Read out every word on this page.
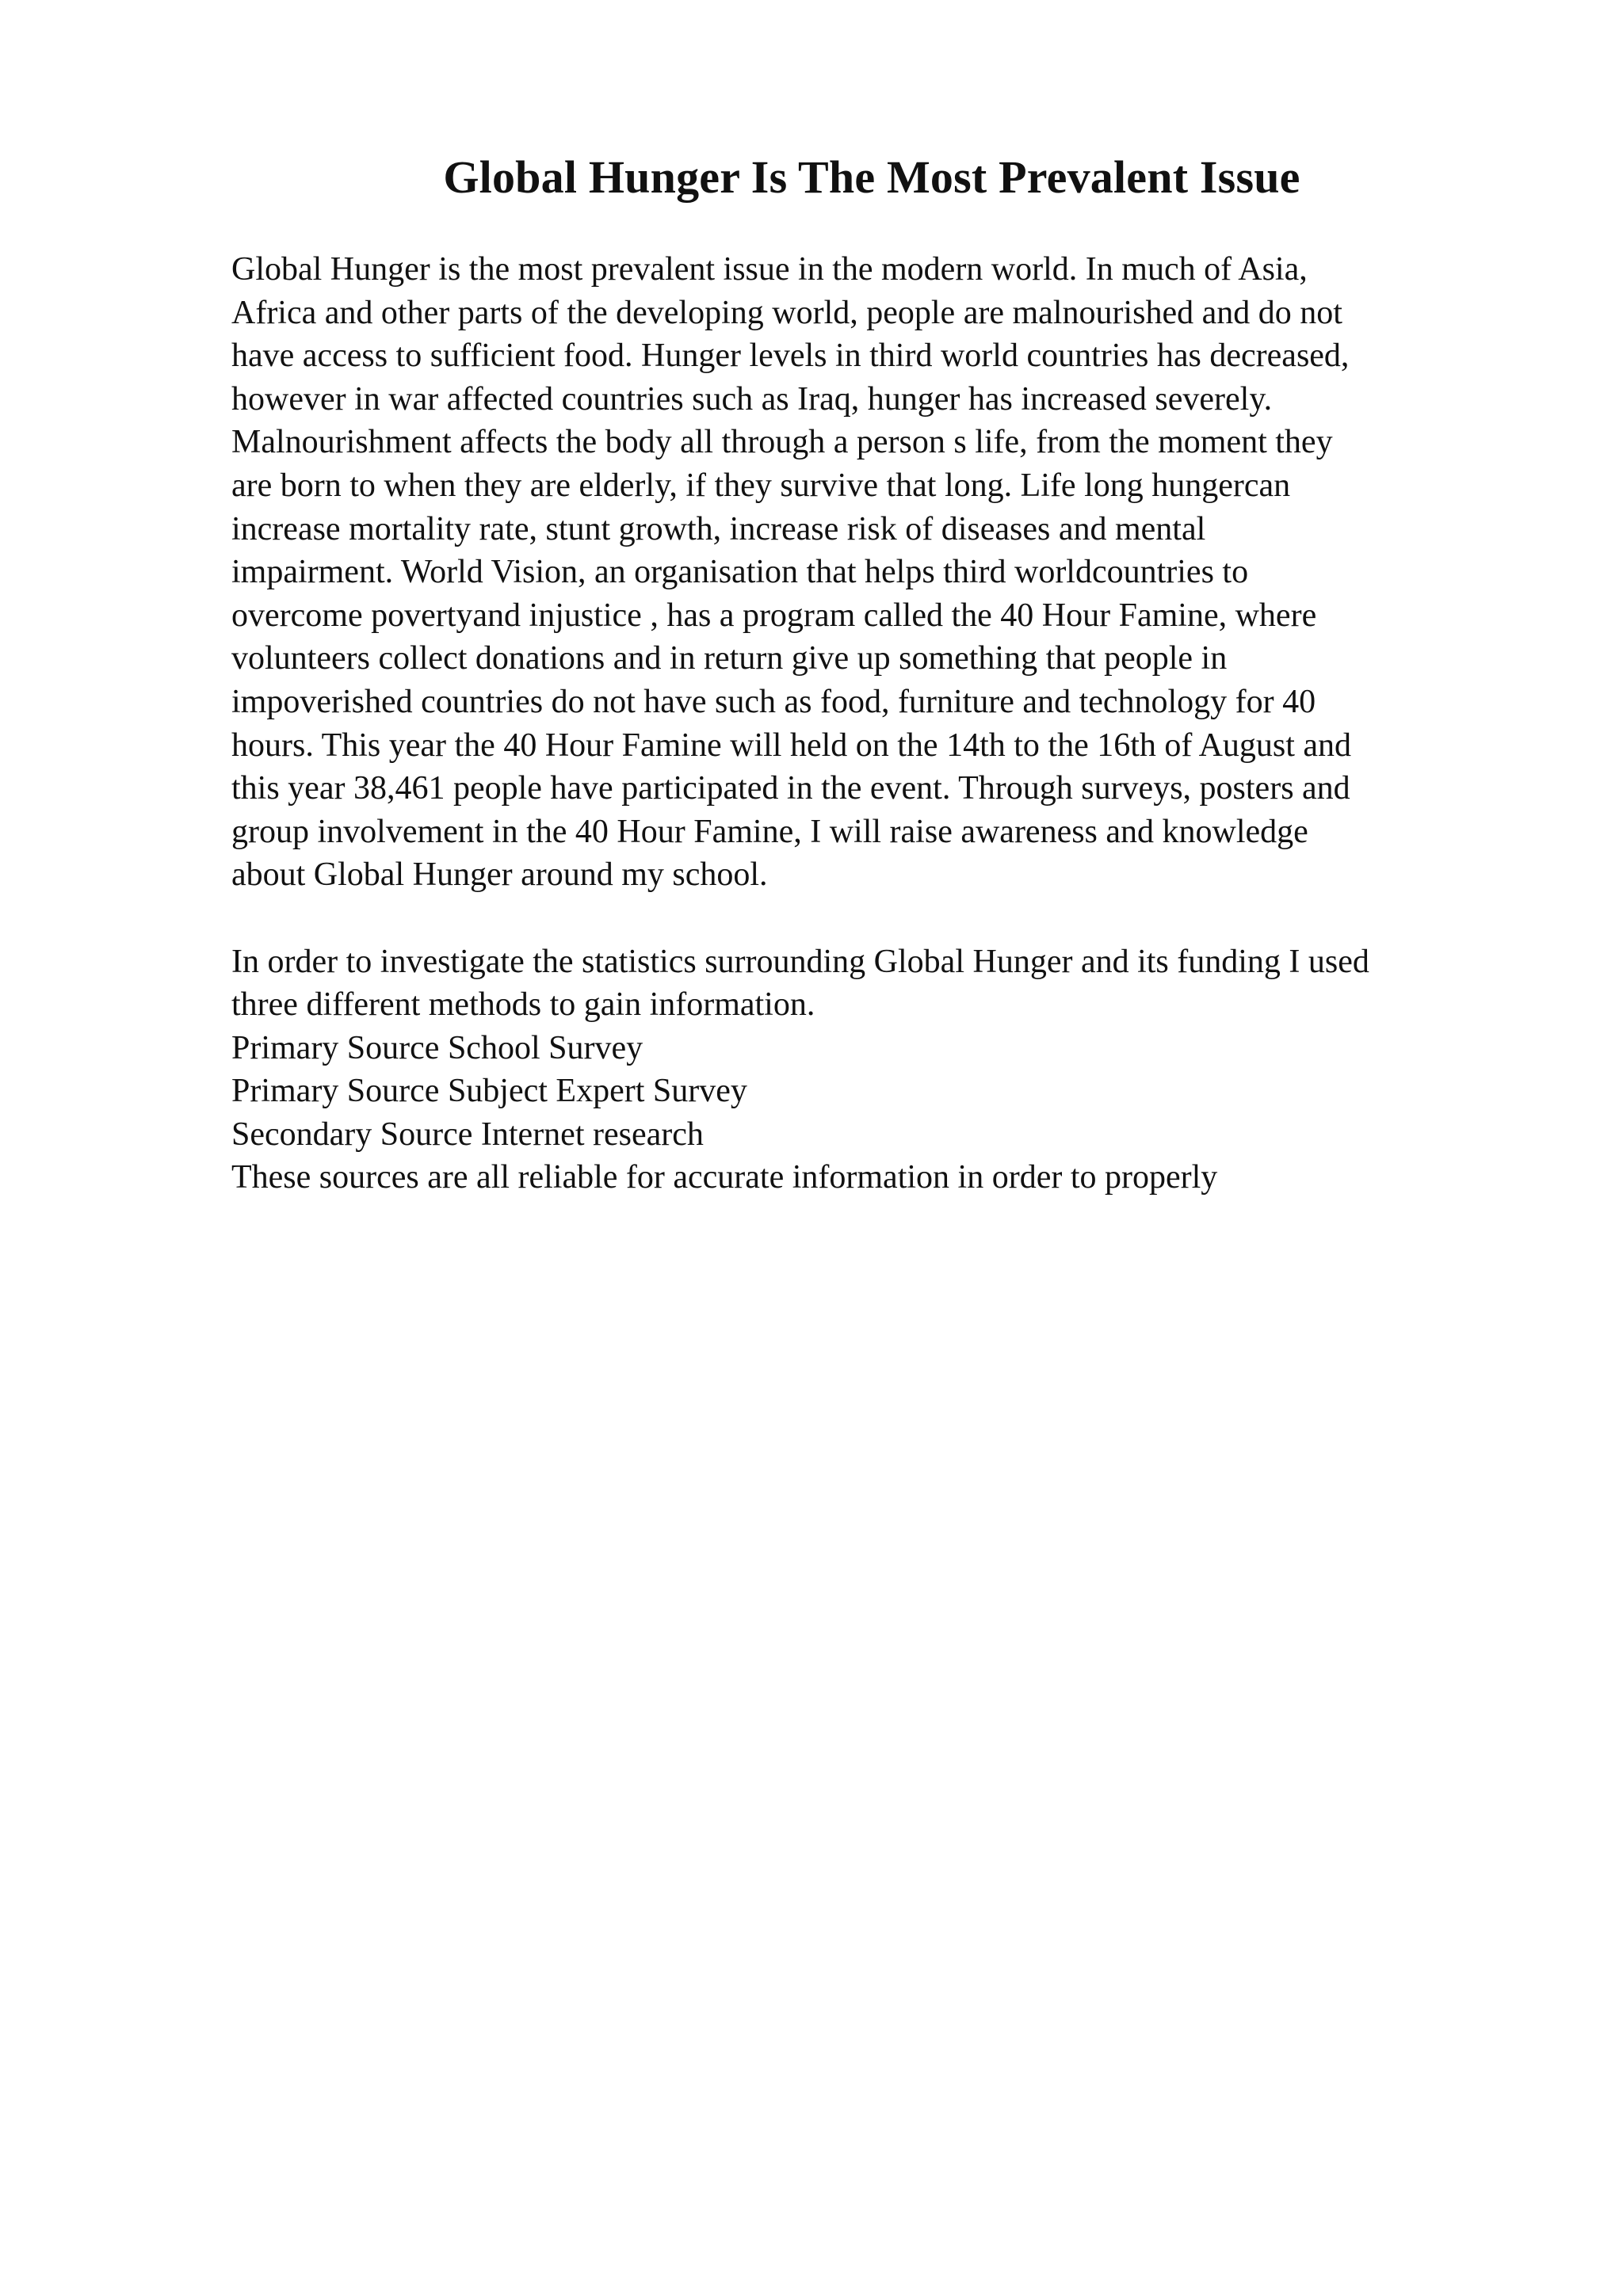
Global Hunger Is The Most Prevalent Issue
Global Hunger is the most prevalent issue in the modern world. In much of Asia,
Africa and other parts of the developing world, people are malnourished and do not
have access to sufficient food. Hunger levels in third world countries has decreased,
however in war affected countries such as Iraq, hunger has increased severely.
Malnourishment affects the body all through a person s life, from the moment they
are born to when they are elderly, if they survive that long. Life long hungercan
increase mortality rate, stunt growth, increase risk of diseases and mental
impairment. World Vision, an organisation that helps third worldcountries to
overcome povertyand injustice , has a program called the 40 Hour Famine, where
volunteers collect donations and in return give up something that people in
impoverished countries do not have such as food, furniture and technology for 40
hours. This year the 40 Hour Famine will held on the 14th to the 16th of August and
this year 38,461 people have participated in the event. Through surveys, posters and
group involvement in the 40 Hour Famine, I will raise awareness and knowledge
about Global Hunger around my school.
In order to investigate the statistics surrounding Global Hunger and its funding I used
three different methods to gain information.
Primary Source School Survey
Primary Source Subject Expert Survey
Secondary Source Internet research
These sources are all reliable for accurate information in order to properly
